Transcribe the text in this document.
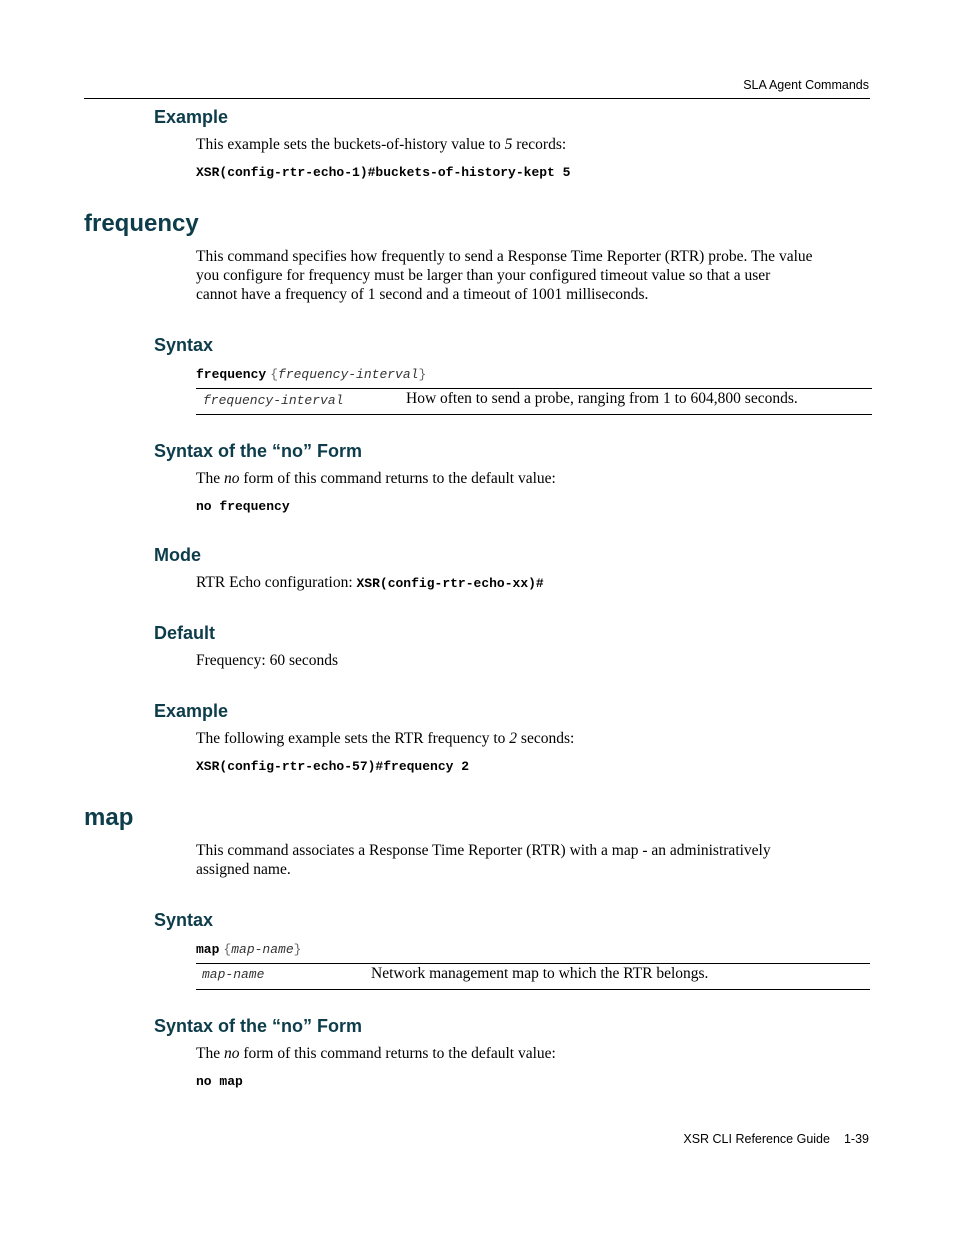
SLA Agent Commands
Example
This example sets the buckets-of-history value to 5 records:
XSR(config-rtr-echo-1)#buckets-of-history-kept 5
frequency
This command specifies how frequently to send a Response Time Reporter (RTR) probe. The value
you configure for frequency must be larger than your configured timeout value so that a user
cannot have a frequency of 1 second and a timeout of 1001 milliseconds.
Syntax
frequency {frequency-interval}
frequency-interval	How often to send a probe, ranging from 1 to 604,800 seconds.
Syntax of the “no” Form
The no form of this command returns to the default value:
no frequency
Mode
RTR Echo configuration: XSR(config-rtr-echo-xx)#
Default
Frequency: 60 seconds
Example
The following example sets the RTR frequency to 2 seconds:
XSR(config-rtr-echo-57)#frequency 2
map
This command associates a Response Time Reporter (RTR) with a map - an administratively
assigned name.
Syntax
map {map-name}
map-name	Network management map to which the RTR belongs.
Syntax of the “no” Form
The no form of this command returns to the default value:
no map
XSR CLI Reference Guide 1-39
